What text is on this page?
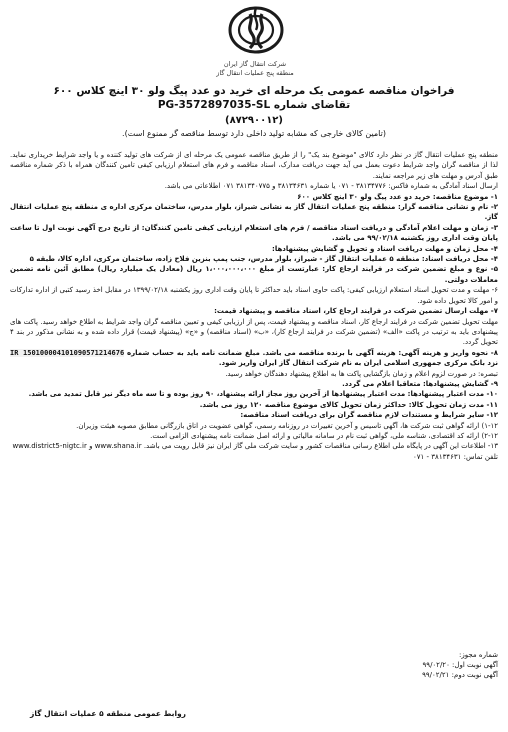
شرکت انتقال گاز ایران
منطقه پنج عملیات انتقال گاز
فراخوان مناقصه عمومی یک مرحله ای خرید دو عدد پیگ ولو ۳۰ اینچ کلاس ۶۰۰
تقاضای شماره PG-3572897035-SL
(۸۷۲۹۰۰۱۲)
(تامین کالای خارجی که مشابه تولید داخلی دارد توسط مناقصه گر ممنوع است).

منطقه پنج عملیات انتقال گاز در نظر دارد کالای "موضوع بند یک" را از طریق مناقصه عمومی یک مرحله ای از شرکت های تولید کننده و یا واجد شرایط خریداری نماید. لذا از مناقصه گران واجد شرایط دعوت بعمل می آید جهت دریافت مدارک، اسناد مناقصه و فرم های استعلام ارزیابی کیفی تامین کنندگان همراه با ذکر شماره مناقصه طبق آدرس و مهلت های زیر مراجعه نمایند.

ارسال اسناد آمادگی به شماره فاکس: ۳۸۱۳۴۷۷۶ - ۰۷۱ یا شماره ۳۸۱۳۴۶۳۱ و ۳۸۱۳۴۰۷۷۵ ۰۷۱ اطلاعاتی می باشد.

۱- موضوع مناقصه: خرید دو عدد پیگ ولو ۳۰ اینچ کلاس ۶۰۰

۲- نام و نشانی مناقصه گزار: منطقه پنج عملیات انتقال گاز به نشانی شیراز، بلوار مدرس، ساختمان مرکزی اداره ی منطقه پنج عملیات انتقال گاز.

۳- زمان و مهلت اعلام آمادگی و دریافت اسناد مناقصه / فرم های استعلام ارزیابی کیفی تامین کنندگان: از تاریخ درج آگهی نوبت اول تا ساعت پایان وقت اداری روز یکشنبه ۹۹/۰۲/۱۸ می باشد.

۴- محل زمان و مهلت دریافت اسناد و تحویل و گشایش پیشنهادها:

۴- محل دریافت اسناد: منطقه ۵ عملیات انتقال گاز - شیراز، بلوار مدرس، جنب پمپ بنزین فلاح زاده، ساختمان مرکزی، اداره کالا، طبقه ۵

۵- نوع و مبلغ تضمین شرکت در فرایند ارجاع کار: عبارتست از مبلغ ۱،۰۰۰،۰۰۰،۰۰۰ ریال (معادل یک میلیارد ریال) مطابق آئین نامه تضمین معاملات دولتی.

۶- مهلت و مدت تحویل اسناد استعلام ارزیابی کیفی: پاکت حاوی اسناد باید حداکثر تا پایان وقت اداری روز یکشنبه ۱۳۹۹/۰۲/۱۸ در مقابل اخذ رسید کتبی از اداره تدارکات و امور کالا تحویل داده شود.

۷- مهلت ارسال تضمین شرکت در فرایند ارجاع کار، اسناد مناقصه و پیشنهاد قیمت:

مهلت تحویل تضمین شرکت در فرایند ارجاع کار، اسناد مناقصه و پیشنهاد قیمت، پس از ارزیابی کیفی و تعیین مناقصه گران واجد شرایط به اطلاع خواهد رسید. پاکت های پیشنهادی باید به ترتیب در پاکت «الف» (تضمین شرکت در فرایند ارجاع کار)، «ب» (اسناد مناقصه) و «ج» (پیشنهاد قیمت) قرار داده شده و به نشانی مذکور در بند ۴ تحویل گردد.

۸- نحوه واریز و هزینه آگهی: هزینه آگهی با برنده مناقصه می باشد. مبلغ ضمانت نامه باید به حساب شماره IR 150100004101090571214676 نزد بانک مرکزی جمهوری اسلامی ایران به نام شرکت انتقال گاز ایران واریز شود.

تبصره: در صورت لزوم اعلام و زمان بازگشایی پاکت ها به اطلاع پیشنهاد دهندگان خواهد رسید.

۹- گشایش پیشنهادها: متعاقبا اعلام می گردد.

۱۰- مدت اعتبار پیشنهادها: مدت اعتبار پیشنهادها از آخرین روز مجاز ارائه پیشنهاد، ۹۰ روز بوده و تا سه ماه دیگر نیز قابل تمدید می باشد.

۱۱- مدت زمان تحویل کالا: حداکثر زمان تحویل کالای موضوع مناقصه ۱۲۰ روز می باشد.

۱۲- سایر شرایط و مستندات لازم مناقصه گران برای دریافت اسناد مناقصه:

۱-۱۲) ارائه گواهی ثبت شرکت ها، آگهی تاسیس و آخرین تغییرات در روزنامه رسمی، گواهی عضویت در اتاق بازرگانی مطابق مصوبه هیئت وزیران.

۲-۱۲) ارائه کد اقتصادی، شناسه ملی، گواهی ثبت نام در سامانه مالیاتی و ارائه اصل ضمانت نامه پیشنهادی الزامی است.

۱۳- اطلاعات این آگهی در پایگاه ملی اطلاع رسانی مناقصات کشور و سایت شرکت ملی گاز ایران نیز قابل رویت می باشد. www.shana.ir و www.district5-nigtc.ir

تلفن تماس: ۳۸۱۳۴۶۳۱ - ۰۷۱

شماره مجوز:
آگهی نوبت اول: ۹۹/۰۲/۲۰
آگهی نوبت دوم: ۹۹/۰۲/۲۱
روابط عمومی منطقه ۵ عملیات انتقال گاز
